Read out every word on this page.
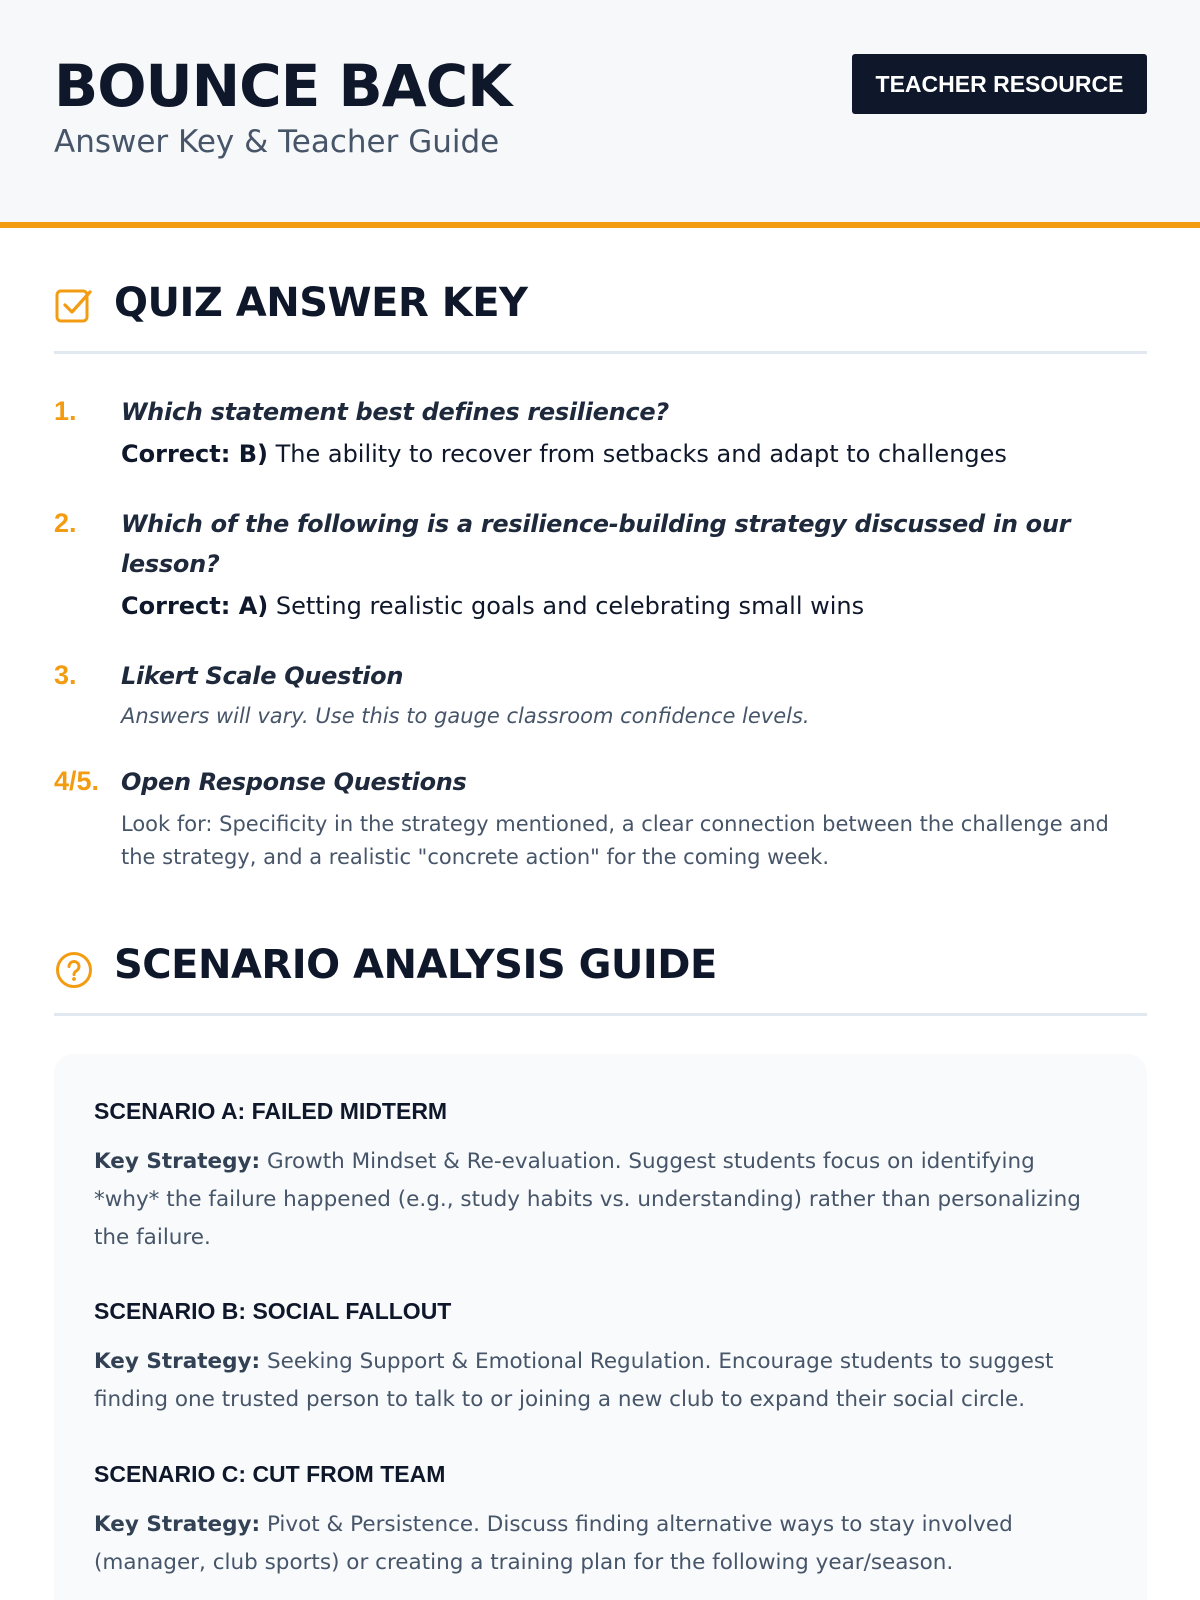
BOUNCE BACK
Answer Key & Teacher Guide
TEACHER RESOURCE
QUIZ ANSWER KEY
1. Which statement best defines resilience?
Correct: B) The ability to recover from setbacks and adapt to challenges
2. Which of the following is a resilience-building strategy discussed in our lesson?
Correct: A) Setting realistic goals and celebrating small wins
3. Likert Scale Question
Answers will vary. Use this to gauge classroom confidence levels.
4/5. Open Response Questions
Look for: Specificity in the strategy mentioned, a clear connection between the challenge and the strategy, and a realistic "concrete action" for the coming week.
SCENARIO ANALYSIS GUIDE
SCENARIO A: FAILED MIDTERM
Key Strategy: Growth Mindset & Re-evaluation. Suggest students focus on identifying *why* the failure happened (e.g., study habits vs. understanding) rather than personalizing the failure.
SCENARIO B: SOCIAL FALLOUT
Key Strategy: Seeking Support & Emotional Regulation. Encourage students to suggest finding one trusted person to talk to or joining a new club to expand their social circle.
SCENARIO C: CUT FROM TEAM
Key Strategy: Pivot & Persistence. Discuss finding alternative ways to stay involved (manager, club sports) or creating a training plan for the following year/season.
